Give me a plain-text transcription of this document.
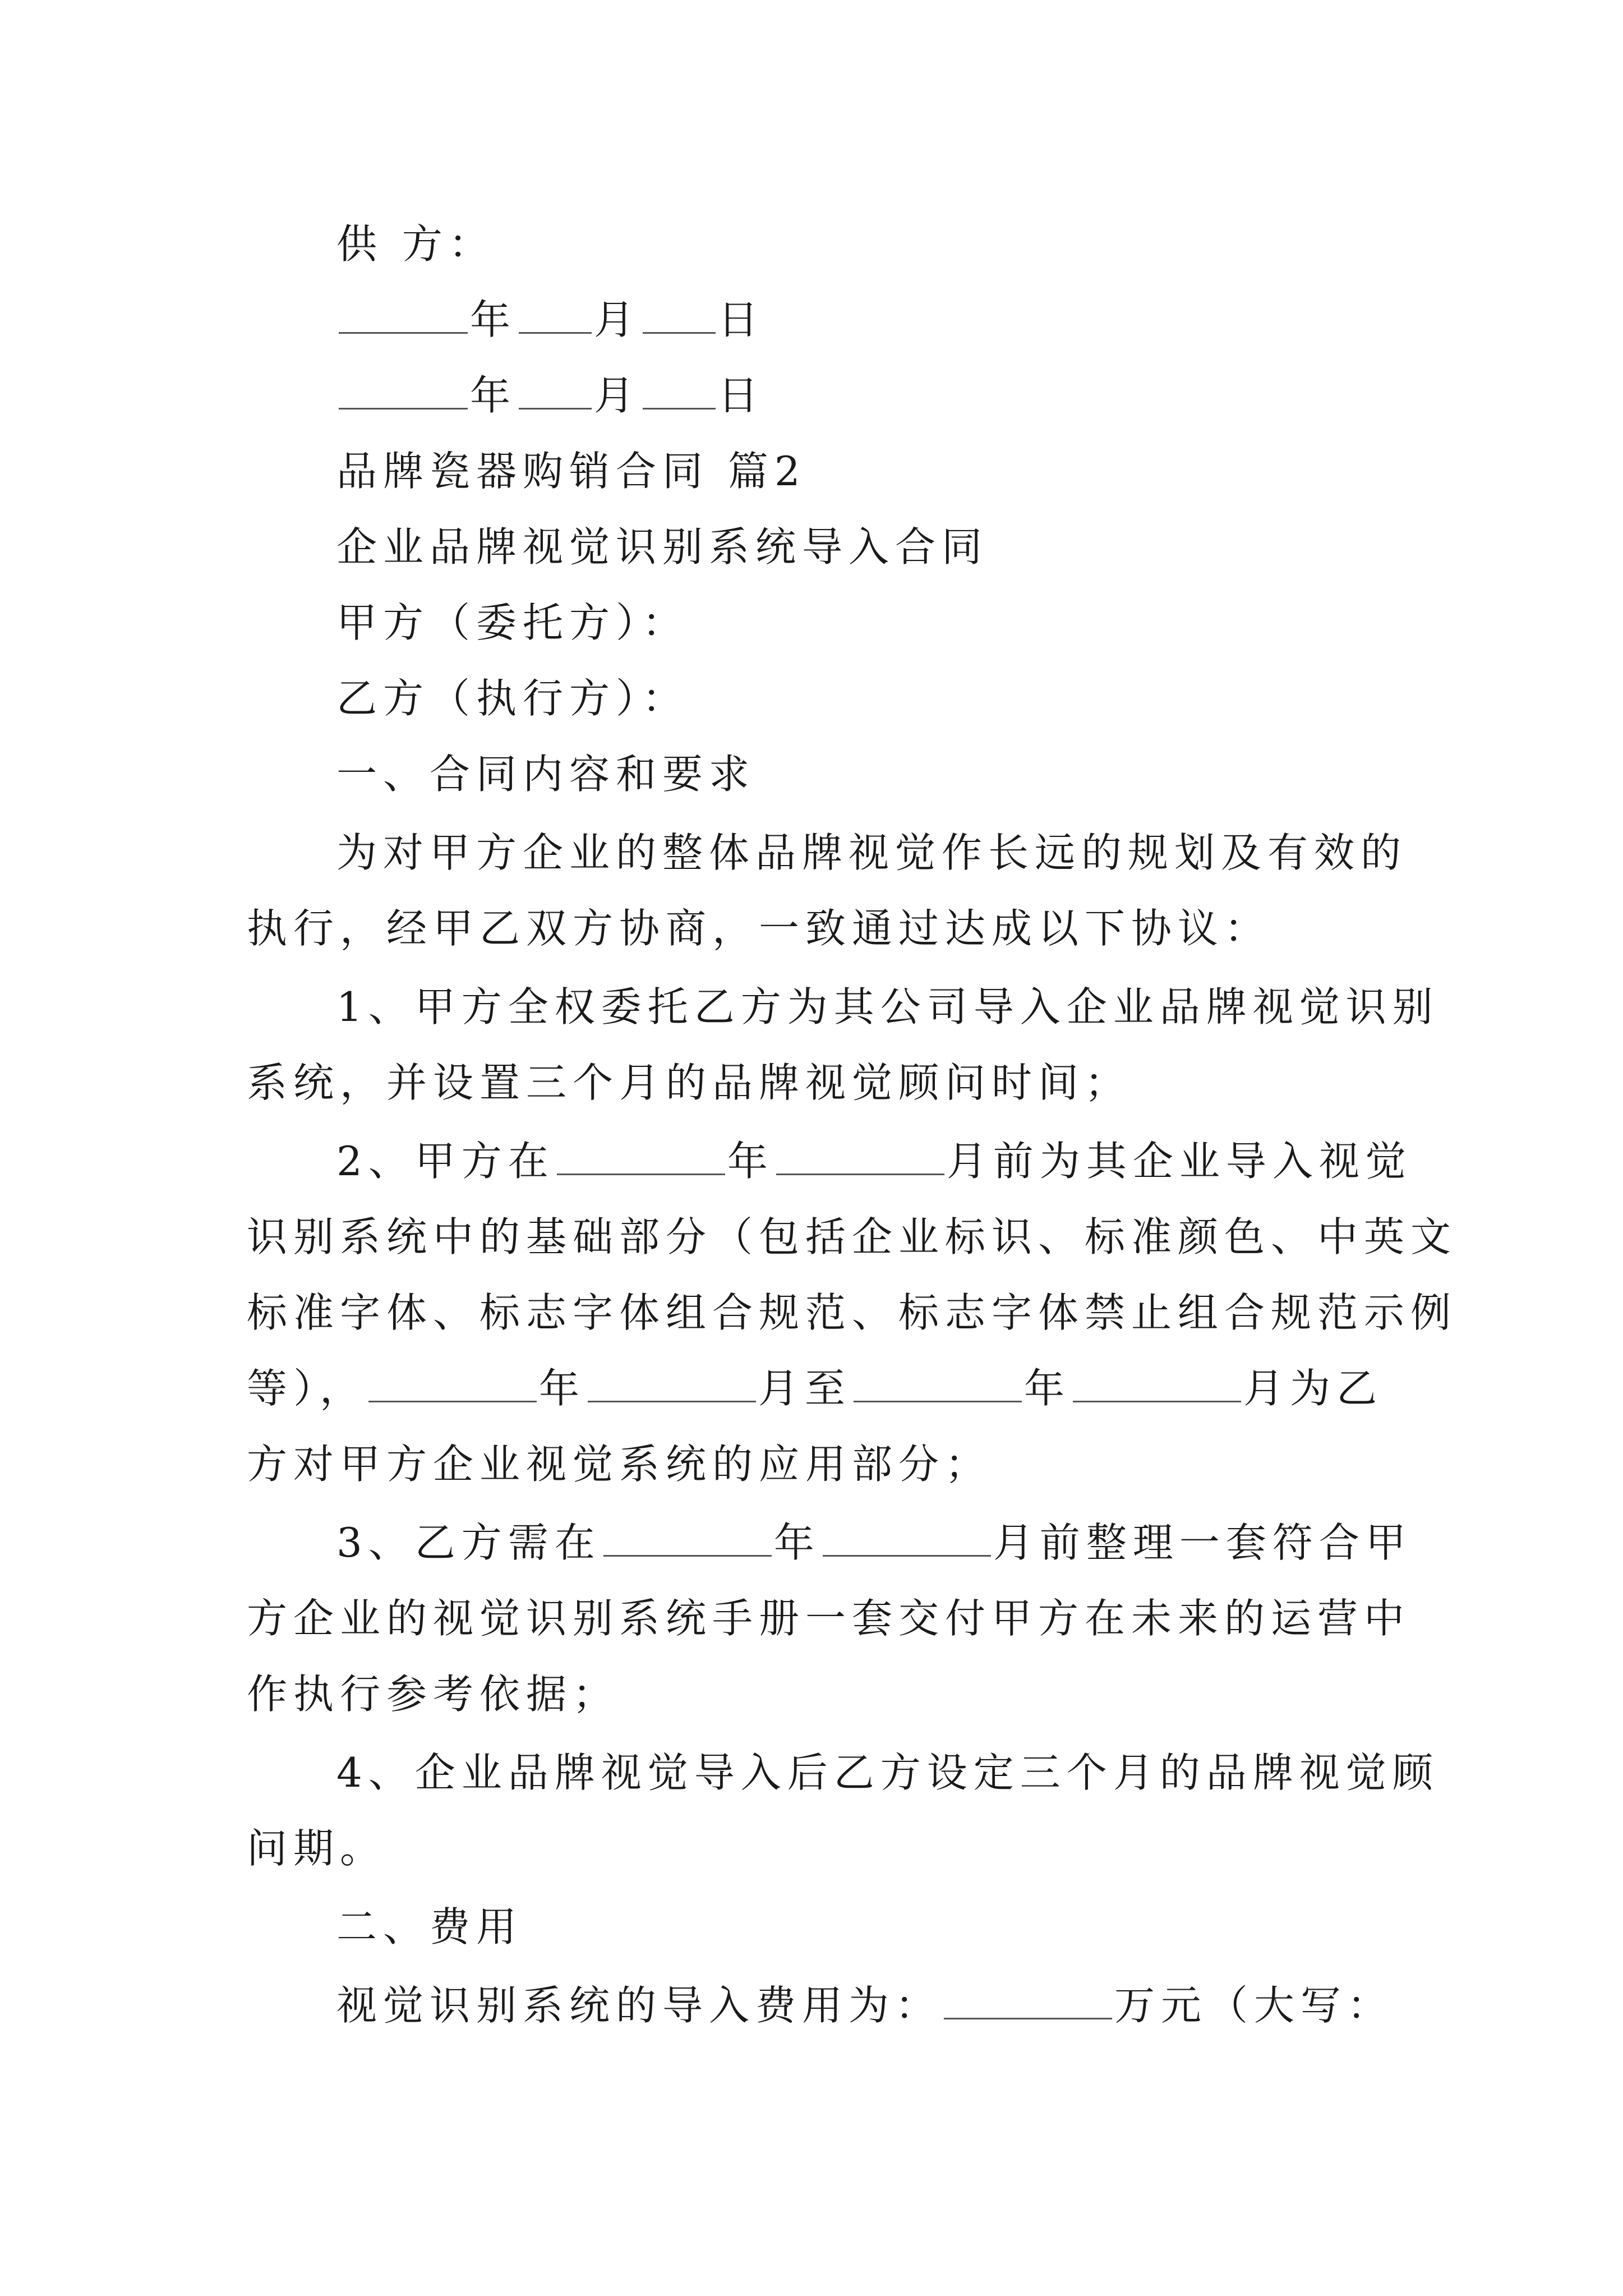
供 方：
年 月 日
年 月 日
品牌瓷器购销合同 篇2
企业品牌视觉识别系统导入合同
甲方（委托方）：
乙方（执行方）：
一、合同内容和要求
为对甲方企业的整体品牌视觉作长远的规划及有效的
执行，经甲乙双方协商，一致通过达成以下协议：
1、甲方全权委托乙方为其公司导入企业品牌视觉识别
系统，并设置三个月的品牌视觉顾问时间；
2、甲方在	年	月前为其企业导入视觉
识别系统中的基础部分（包括企业标识、标准颜色、中英文
标准字体、标志字体组合规范、标志字体禁止组合规范示例
等），	年	月至	年	月为乙
方对甲方企业视觉系统的应用部分；
3、乙方需在	年	月前整理一套符合甲
方企业的视觉识别系统手册一套交付甲方在未来的运营中
作执行参考依据；
4、企业品牌视觉导入后乙方设定三个月的品牌视觉顾
问期。
二、费用
视觉识别系统的导入费用为：	万元（大写：
